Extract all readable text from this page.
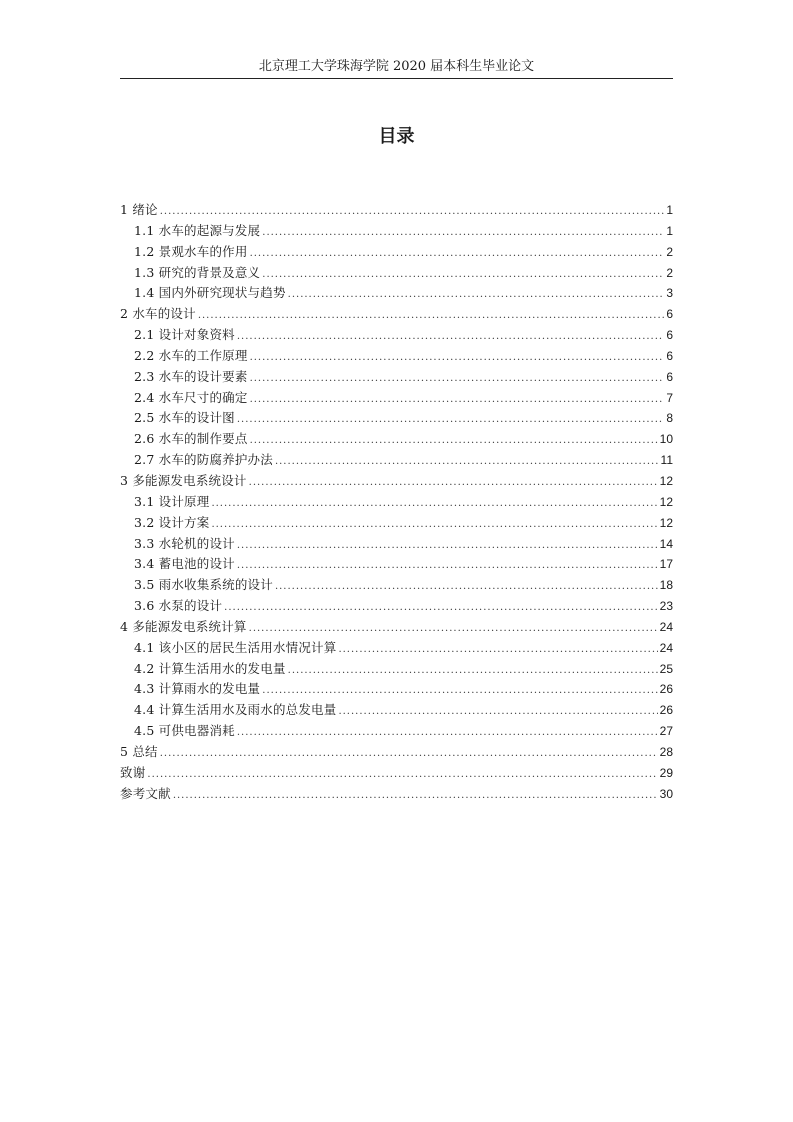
北京理工大学珠海学院 2020 届本科生毕业论文
目录
1 绪论 .....	1
1.1 水车的起源与发展 .....	1
1.2 景观水车的作用 .....	2
1.3 研究的背景及意义 .....	2
1.4 国内外研究现状与趋势 .....	3
2 水车的设计 .....	6
2.1 设计对象资料 .....	6
2.2 水车的工作原理 .....	6
2.3 水车的设计要素 .....	6
2.4 水车尺寸的确定 .....	7
2.5 水车的设计图 .....	8
2.6 水车的制作要点 .....	10
2.7 水车的防腐养护办法 .....	11
3 多能源发电系统设计 .....	12
3.1 设计原理 .....	12
3.2 设计方案 .....	12
3.3 水轮机的设计 .....	14
3.4 蓄电池的设计 .....	17
3.5 雨水收集系统的设计 .....	18
3.6 水泵的设计 .....	23
4 多能源发电系统计算 .....	24
4.1 该小区的居民生活用水情况计算 .....	24
4.2 计算生活用水的发电量 .....	25
4.3 计算雨水的发电量 .....	26
4.4 计算生活用水及雨水的总发电量 .....	26
4.5 可供电器消耗 .....	27
5 总结 .....	28
致谢 .....	29
参考文献 .....	30
